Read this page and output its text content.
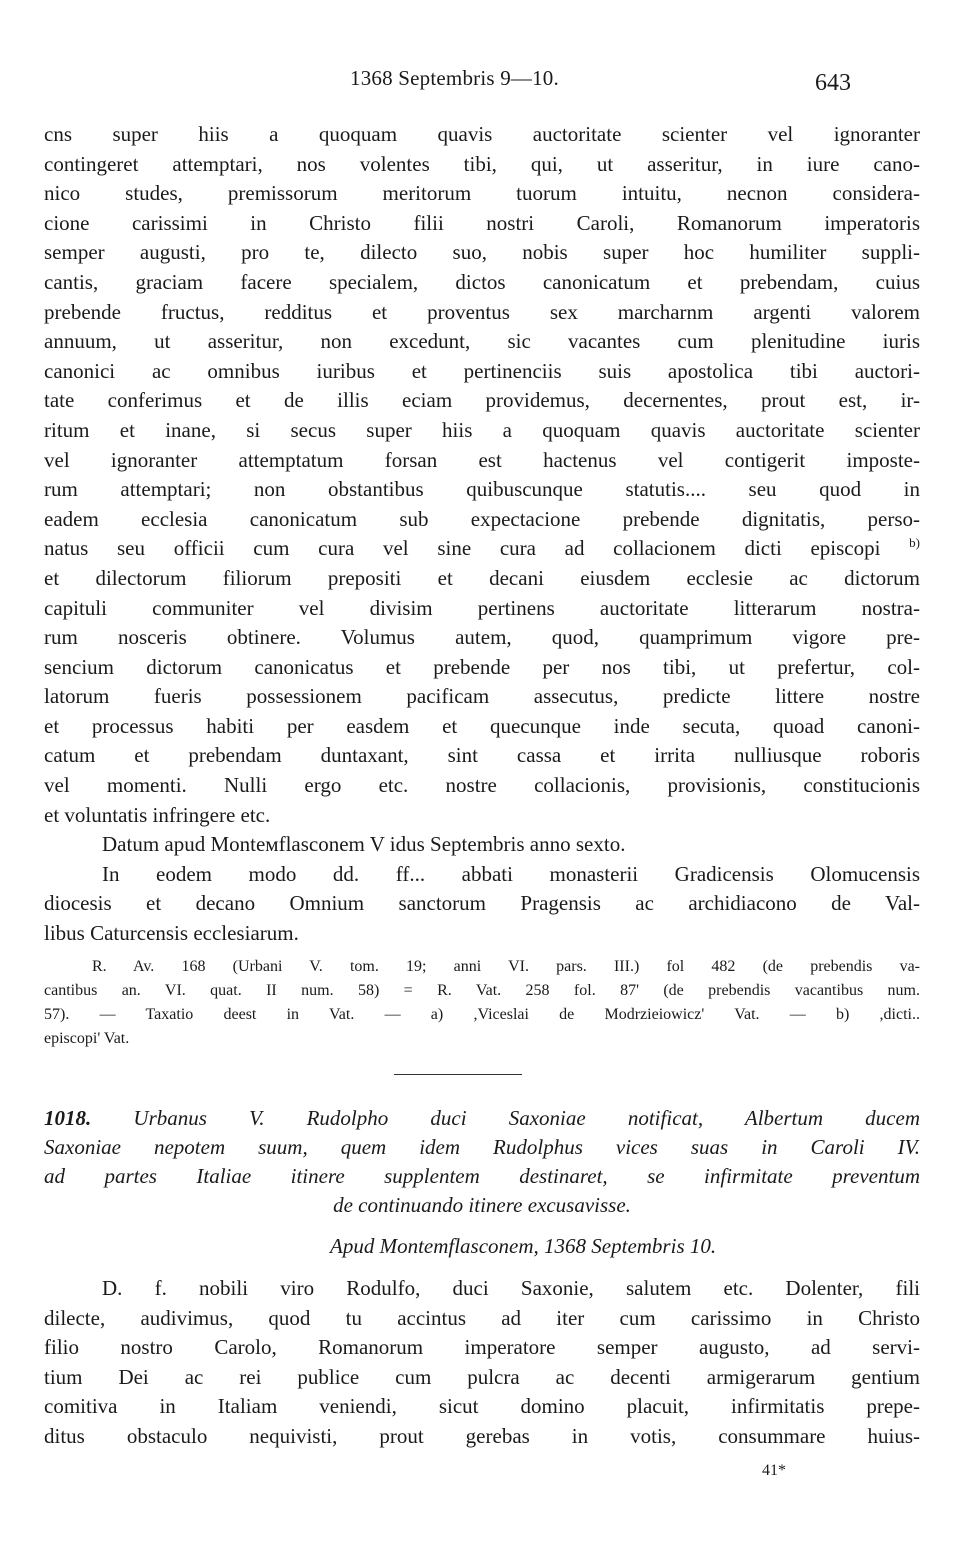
1368 Septembris 9—10.	643
cns super hiis a quoquam quavis auctoritate scienter vel ignoranter
contingeret attemptari, nos volentes tibi, qui, ut asseritur, in iure cano-
nico studes, premissorum meritorum tuorum intuitu, necnon considera-
cione carissimi in Christo filii nostri Caroli, Romanorum imperatoris
semper augusti, pro te, dilecto suo, nobis super hoc humiliter suppli-
cantis, graciam facere specialem, dictos canonicatum et prebendam, cuius
prebende fructus, redditus et proventus sex marcharnm argenti valorem
annuum, ut asseritur, non excedunt, sic vacantes cum plenitudine iuris
canonici ac omnibus iuribus et pertinenciis suis apostolica tibi auctori-
tate conferimus et de illis eciam providemus, decernentes, prout est, ir-
ritum et inane, si secus super hiis a quoquam quavis auctoritate scienter
vel ignoranter attemptatum forsan est hactenus vel contigerit imposte-
rum attemptari; non obstantibus quibuscunque statutis.... seu quod in
eadem ecclesia canonicatum sub expectacione prebende dignitatis, perso-
natus seu officii cum cura vel sine cura ad collacionem dicti episcopi $^{b)}$
et dilectorum filiorum prepositi et decani eiusdem ecclesie ac dictorum
capituli communiter vel divisim pertinens auctoritate litterarum nostra-
rum nosceris obtinere. Volumus autem, quod, quamprimum vigore pre-
sencium dictorum canonicatus et prebende per nos tibi, ut prefertur, col-
latorum fueris possessionem pacificam assecutus, predicte littere nostre
et processus habiti per easdem et quecunque inde secuta, quoad canoni-
catum et prebendam duntaxant, sint cassa et irrita nulliusque roboris
vel momenti. Nulli ergo etc. nostre collacionis, provisionis, constitucionis
et voluntatis infringere etc.
Datum apud Monteмflasconem V idus Septembris anno sexto.
In eodem modo dd. ff... abbati monasterii Gradicensis Olomucensis
diocesis et decano Omnium sanctorum Pragensis ac archidiacono de Val-
libus Caturcensis ecclesiarum.
R. Av. 168 (Urbani V. tom. 19; anni VI. pars. III.) fol 482 (de prebendis va-
cantibus an. VI. quat. II num. 58) = R. Vat. 258 fol. 87' (de prebendis vacantibus num.
57). — Taxatio deest in Vat. — a) ,Viceslai de Modrzieiowicz' Vat. — b) ,dicti..
episcopi' Vat.
1018. Urbanus V. Rudolpho duci Saxoniae notificat, Albertum ducem
Saxoniae nepotem suum, quem idem Rudolphus vices suas in Caroli IV.
ad partes Italiae itinere supplentem destinaret, se infirmitate preventum
de continuando itinere excusavisse.
Apud Montemflasconem, 1368 Septembris 10.
D. f. nobili viro Rodulfo, duci Saxonie, salutem etc. Dolenter, fili
dilecte, audivimus, quod tu accintus ad iter cum carissimo in Christo
filio nostro Carolo, Romanorum imperatore semper augusto, ad servi-
tium Dei ac rei publice cum pulcra ac decenti armigerarum gentium
comitiva in Italiam veniendi, sicut domino placuit, infirmitatis prepe-
ditus obstaculo nequivisti, prout gerebas in votis, consummare huius-
41*
